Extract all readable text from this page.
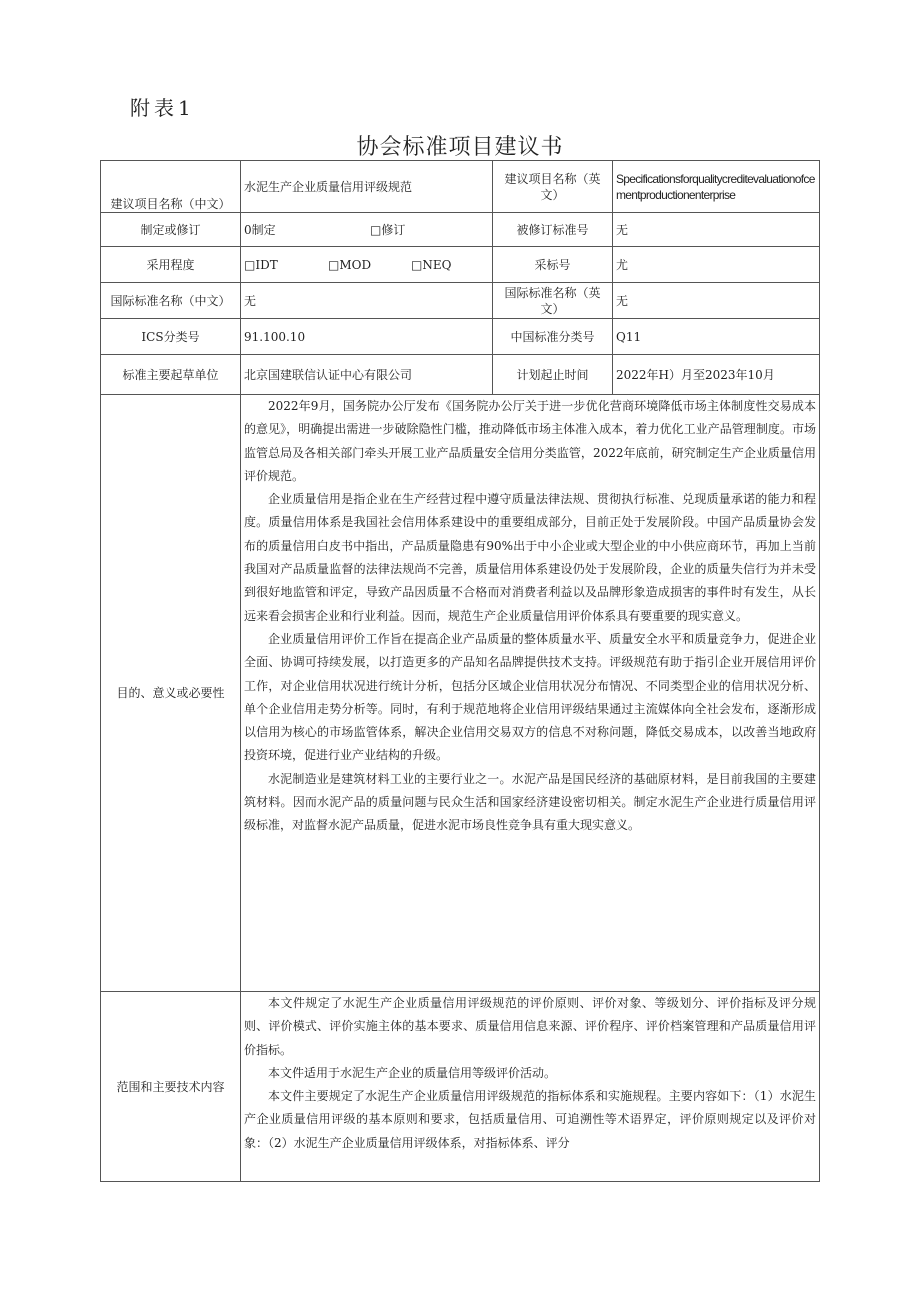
附表1
协会标准项目建议书
建议项目名称（中文）	水泥生产企业质量信用评级规范	建议项目名称（英文）	Specificationsforqualitycreditevaluationofcementproductionenterprise
制定或修订	0制定 □修订	被修订标准号	无
采用程度	□IDT □MOD □NEQ	采标号	尤
国际标准名称（中文）	无	国际标准名称（英文）	无
ICS分类号	91.100.10	中国标准分类号	Q11
标准主要起草单位	北京国建联信认证中心有限公司	计划起止时间	2022年H）月至2023年10月
目的、意义或必要性	2022年9月，国务院办公厅发布《国务院办公厅关于进一步优化营商环境降低市场主体制度性交易成本的意见》，明确提出需进一步破除隐性门槛，推动降低市场主体准入成本，着力优化工业产品管理制度。市场监管总局及各相关部门牵头开展工业产品质量安全信用分类监管，2022年底前，研究制定生产企业质量信用评价规范。

企业质量信用是指企业在生产经营过程中遵守质量法律法规、贯彻执行标准、兑现质量承诺的能力和程度。质量信用体系是我国社会信用体系建设中的重要组成部分，目前正处于发展阶段。中国产品质量协会发布的质量信用白皮书中指出，产品质量隐患有90%出于中小企业或大型企业的中小供应商环节，再加上当前我国对产品质量监督的法律法规尚不完善，质量信用体系建设仍处于发展阶段，企业的质量失信行为并未受到很好地监管和评定，导致产品因质量不合格而对消费者利益以及品牌形象造成损害的事件时有发生，从长远来看会损害企业和行业利益。因而，规范生产企业质量信用评价体系具有要重要的现实意义。

企业质量信用评价工作旨在提高企业产品质量的整体质量水平、质量安全水平和质量竞争力，促进企业全面、协调可持续发展，以打造更多的产品知名品牌提供技术支持。评级规范有助于指引企业开展信用评价工作，对企业信用状况进行统计分析，包括分区域企业信用状况分布情况、不同类型企业的信用状况分析、单个企业信用走势分析等。同时，有利于规范地将企业信用评级结果通过主流媒体向全社会发布，逐渐形成以信用为核心的市场监管体系，解决企业信用交易双方的信息不对称问题，降低交易成本，以改善当地政府投资环境，促进行业产业结构的升级。

水泥制造业是建筑材料工业的主要行业之一。水泥产品是国民经济的基础原材料，是目前我国的主要建筑材料。因而水泥产品的质量问题与民众生活和国家经济建设密切相关。制定水泥生产企业进行质量信用评级标准，对监督水泥产品质量，促进水泥市场良性竞争具有重大现实意义。		

范围和主要技术内容	本文件规定了水泥生产企业质量信用评级规范的评价原则、评价对象、等级划分、评价指标及评分规则、评价模式、评价实施主体的基本要求、质量信用信息来源、评价程序、评价档案管理和产品质量信用评价指标。

本文件适用于水泥生产企业的质量信用等级评价活动。

本文件主要规定了水泥生产企业质量信用评级规范的指标体系和实施规程。主要内容如下：（1）水泥生产企业质量信用评级的基本原则和要求，包括质量信用、可追溯性等术语界定，评价原则规定以及评价对象：（2）水泥生产企业质量信用评级体系，对指标体系、评分		
